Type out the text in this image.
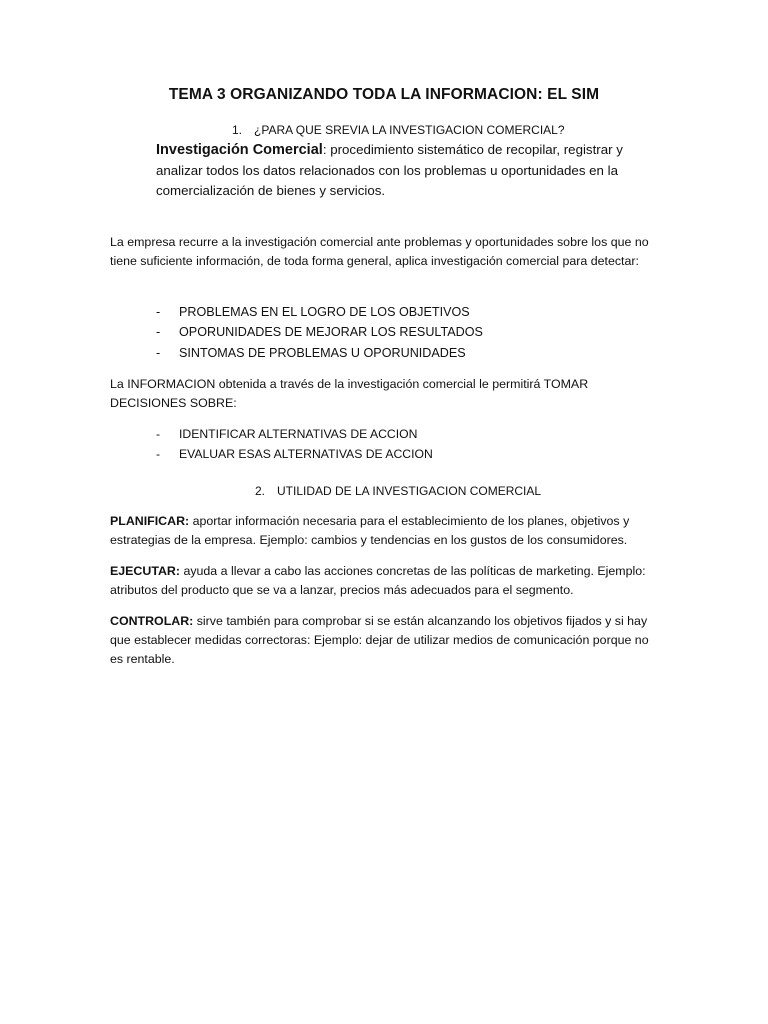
TEMA 3 ORGANIZANDO TODA LA INFORMACION: EL SIM
1. ¿PARA QUE SREVIA LA INVESTIGACION COMERCIAL?
Investigación Comercial: procedimiento sistemático de recopilar, registrar y analizar todos los datos relacionados con los problemas u oportunidades en la comercialización de bienes y servicios.
La empresa recurre a la investigación comercial ante problemas y oportunidades sobre los que no tiene suficiente información, de toda forma general, aplica investigación comercial para detectar:
- PROBLEMAS EN EL LOGRO DE LOS OBJETIVOS
- OPORUNIDADES DE MEJORAR LOS RESULTADOS
- SINTOMAS DE PROBLEMAS U OPORUNIDADES
La INFORMACION obtenida a través de la investigación comercial le permitirá TOMAR DECISIONES SOBRE:
- IDENTIFICAR ALTERNATIVAS DE ACCION
- EVALUAR ESAS ALTERNATIVAS DE ACCION
2. UTILIDAD DE LA INVESTIGACION COMERCIAL
PLANIFICAR: aportar información necesaria para el establecimiento de los planes, objetivos y estrategias de la empresa. Ejemplo: cambios y tendencias en los gustos de los consumidores.
EJECUTAR: ayuda a llevar a cabo las acciones concretas de las políticas de marketing. Ejemplo: atributos del producto que se va a lanzar, precios más adecuados para el segmento.
CONTROLAR: sirve también para comprobar si se están alcanzando los objetivos fijados y si hay que establecer medidas correctoras: Ejemplo: dejar de utilizar medios de comunicación porque no es rentable.
